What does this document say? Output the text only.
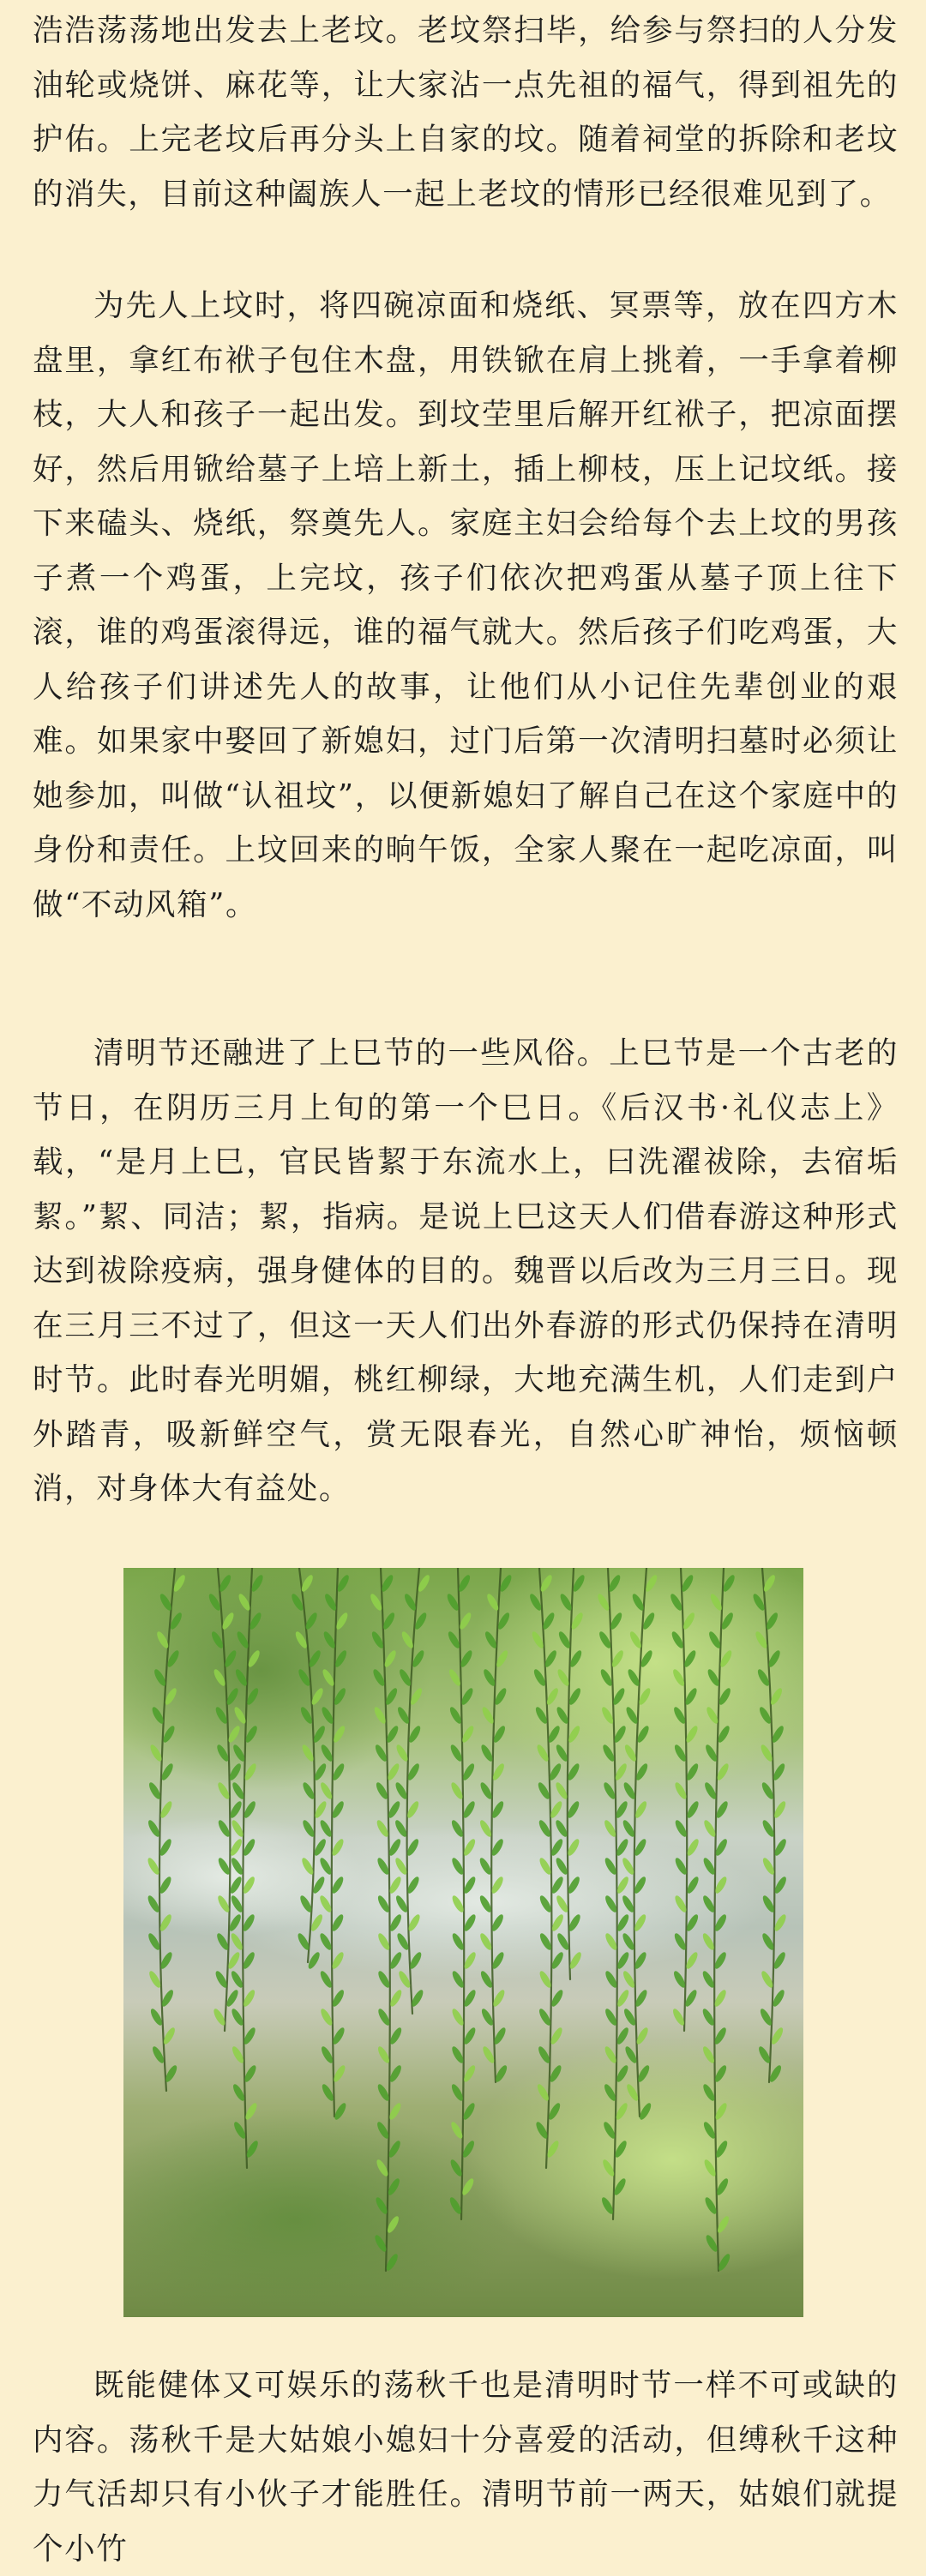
浩浩荡荡地出发去上老坟。老坟祭扫毕，给参与祭扫的人分发油轮或烧饼、麻花等，让大家沾一点先祖的福气，得到祖先的护佑。上完老坟后再分头上自家的坟。随着祠堂的拆除和老坟的消失，目前这种阖族人一起上老坟的情形已经很难见到了。

为先人上坟时，将四碗凉面和烧纸、冥票等，放在四方木盘里，拿红布袱子包住木盘，用铁锨在肩上挑着，一手拿着柳枝，大人和孩子一起出发。到坟茔里后解开红袱子，把凉面摆好，然后用锨给墓子上培上新土，插上柳枝，压上记坟纸。接下来磕头、烧纸，祭奠先人。家庭主妇会给每个去上坟的男孩子煮一个鸡蛋，上完坟，孩子们依次把鸡蛋从墓子顶上往下滚，谁的鸡蛋滚得远，谁的福气就大。然后孩子们吃鸡蛋，大人给孩子们讲述先人的故事，让他们从小记住先辈创业的艰难。如果家中娶回了新媳妇，过门后第一次清明扫墓时必须让她参加，叫做“认祖坟”，以便新媳妇了解自己在这个家庭中的身份和责任。上坟回来的晌午饭，全家人聚在一起吃凉面，叫做“不动风箱”。

清明节还融进了上巳节的一些风俗。上巳节是一个古老的节日，在阴历三月上旬的第一个巳日。《后汉书·礼仪志上》载，“是月上巳，官民皆絜于东流水上，曰洗濯祓除，去宿垢絜。”絜、同洁；絜，指病。是说上巳这天人们借春游这种形式达到祓除疫病，强身健体的目的。魏晋以后改为三月三日。现在三月三不过了，但这一天人们出外春游的形式仍保持在清明时节。此时春光明媚，桃红柳绿，大地充满生机，人们走到户外踏青，吸新鲜空气，赏无限春光，自然心旷神怡，烦恼顿消，对身体大有益处。

既能健体又可娱乐的荡秋千也是清明时节一样不可或缺的内容。荡秋千是大姑娘小媳妇十分喜爱的活动，但缚秋千这种力气活却只有小伙子才能胜任。清明节前一两天，姑娘们就提个小竹
